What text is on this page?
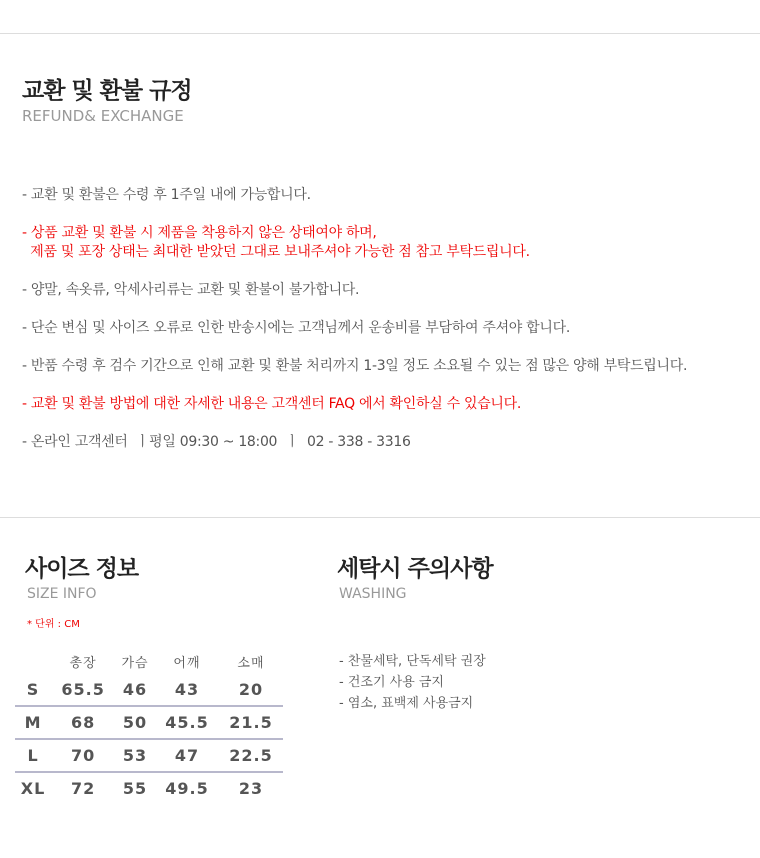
교환 및 환불 규정
REFUND& EXCHANGE
- 교환 및 환불은 수령 후 1주일 내에 가능합니다.
- 상품 교환 및 환불 시 제품을 착용하지 않은 상태여야 하며,
제품 및 포장 상태는 최대한 받았던 그대로 보내주셔야 가능한 점 참고 부탁드립니다.
- 양말, 속옷류, 악세사리류는 교환 및 환불이 불가합니다.
- 단순 변심 및 사이즈 오류로 인한 반송시에는 고객님께서 운송비를 부담하여 주셔야 합니다.
- 반품 수령 후 검수 기간으로 인해 교환 및 환불 처리까지 1-3일 정도 소요될 수 있는 점 많은 양해 부탁드립니다.
- 교환 및 환불 방법에 대한 자세한 내용은 고객센터 FAQ 에서 확인하실 수 있습니다.
- 온라인 고객센터  ㅣ평일 09:30 ~ 18:00  ㅣ  02 - 338 - 3316
사이즈 정보
SIZE INFO
* 단위 : CM
	총장	가슴	어깨	소매
S	65.5	46	43	20
M	68	50	45.5	21.5
L	70	53	47	22.5
XL	72	55	49.5	23
세탁시 주의사항
WASHING
- 찬물세탁, 단독세탁 권장
- 건조기 사용 금지
- 염소, 표백제 사용금지
